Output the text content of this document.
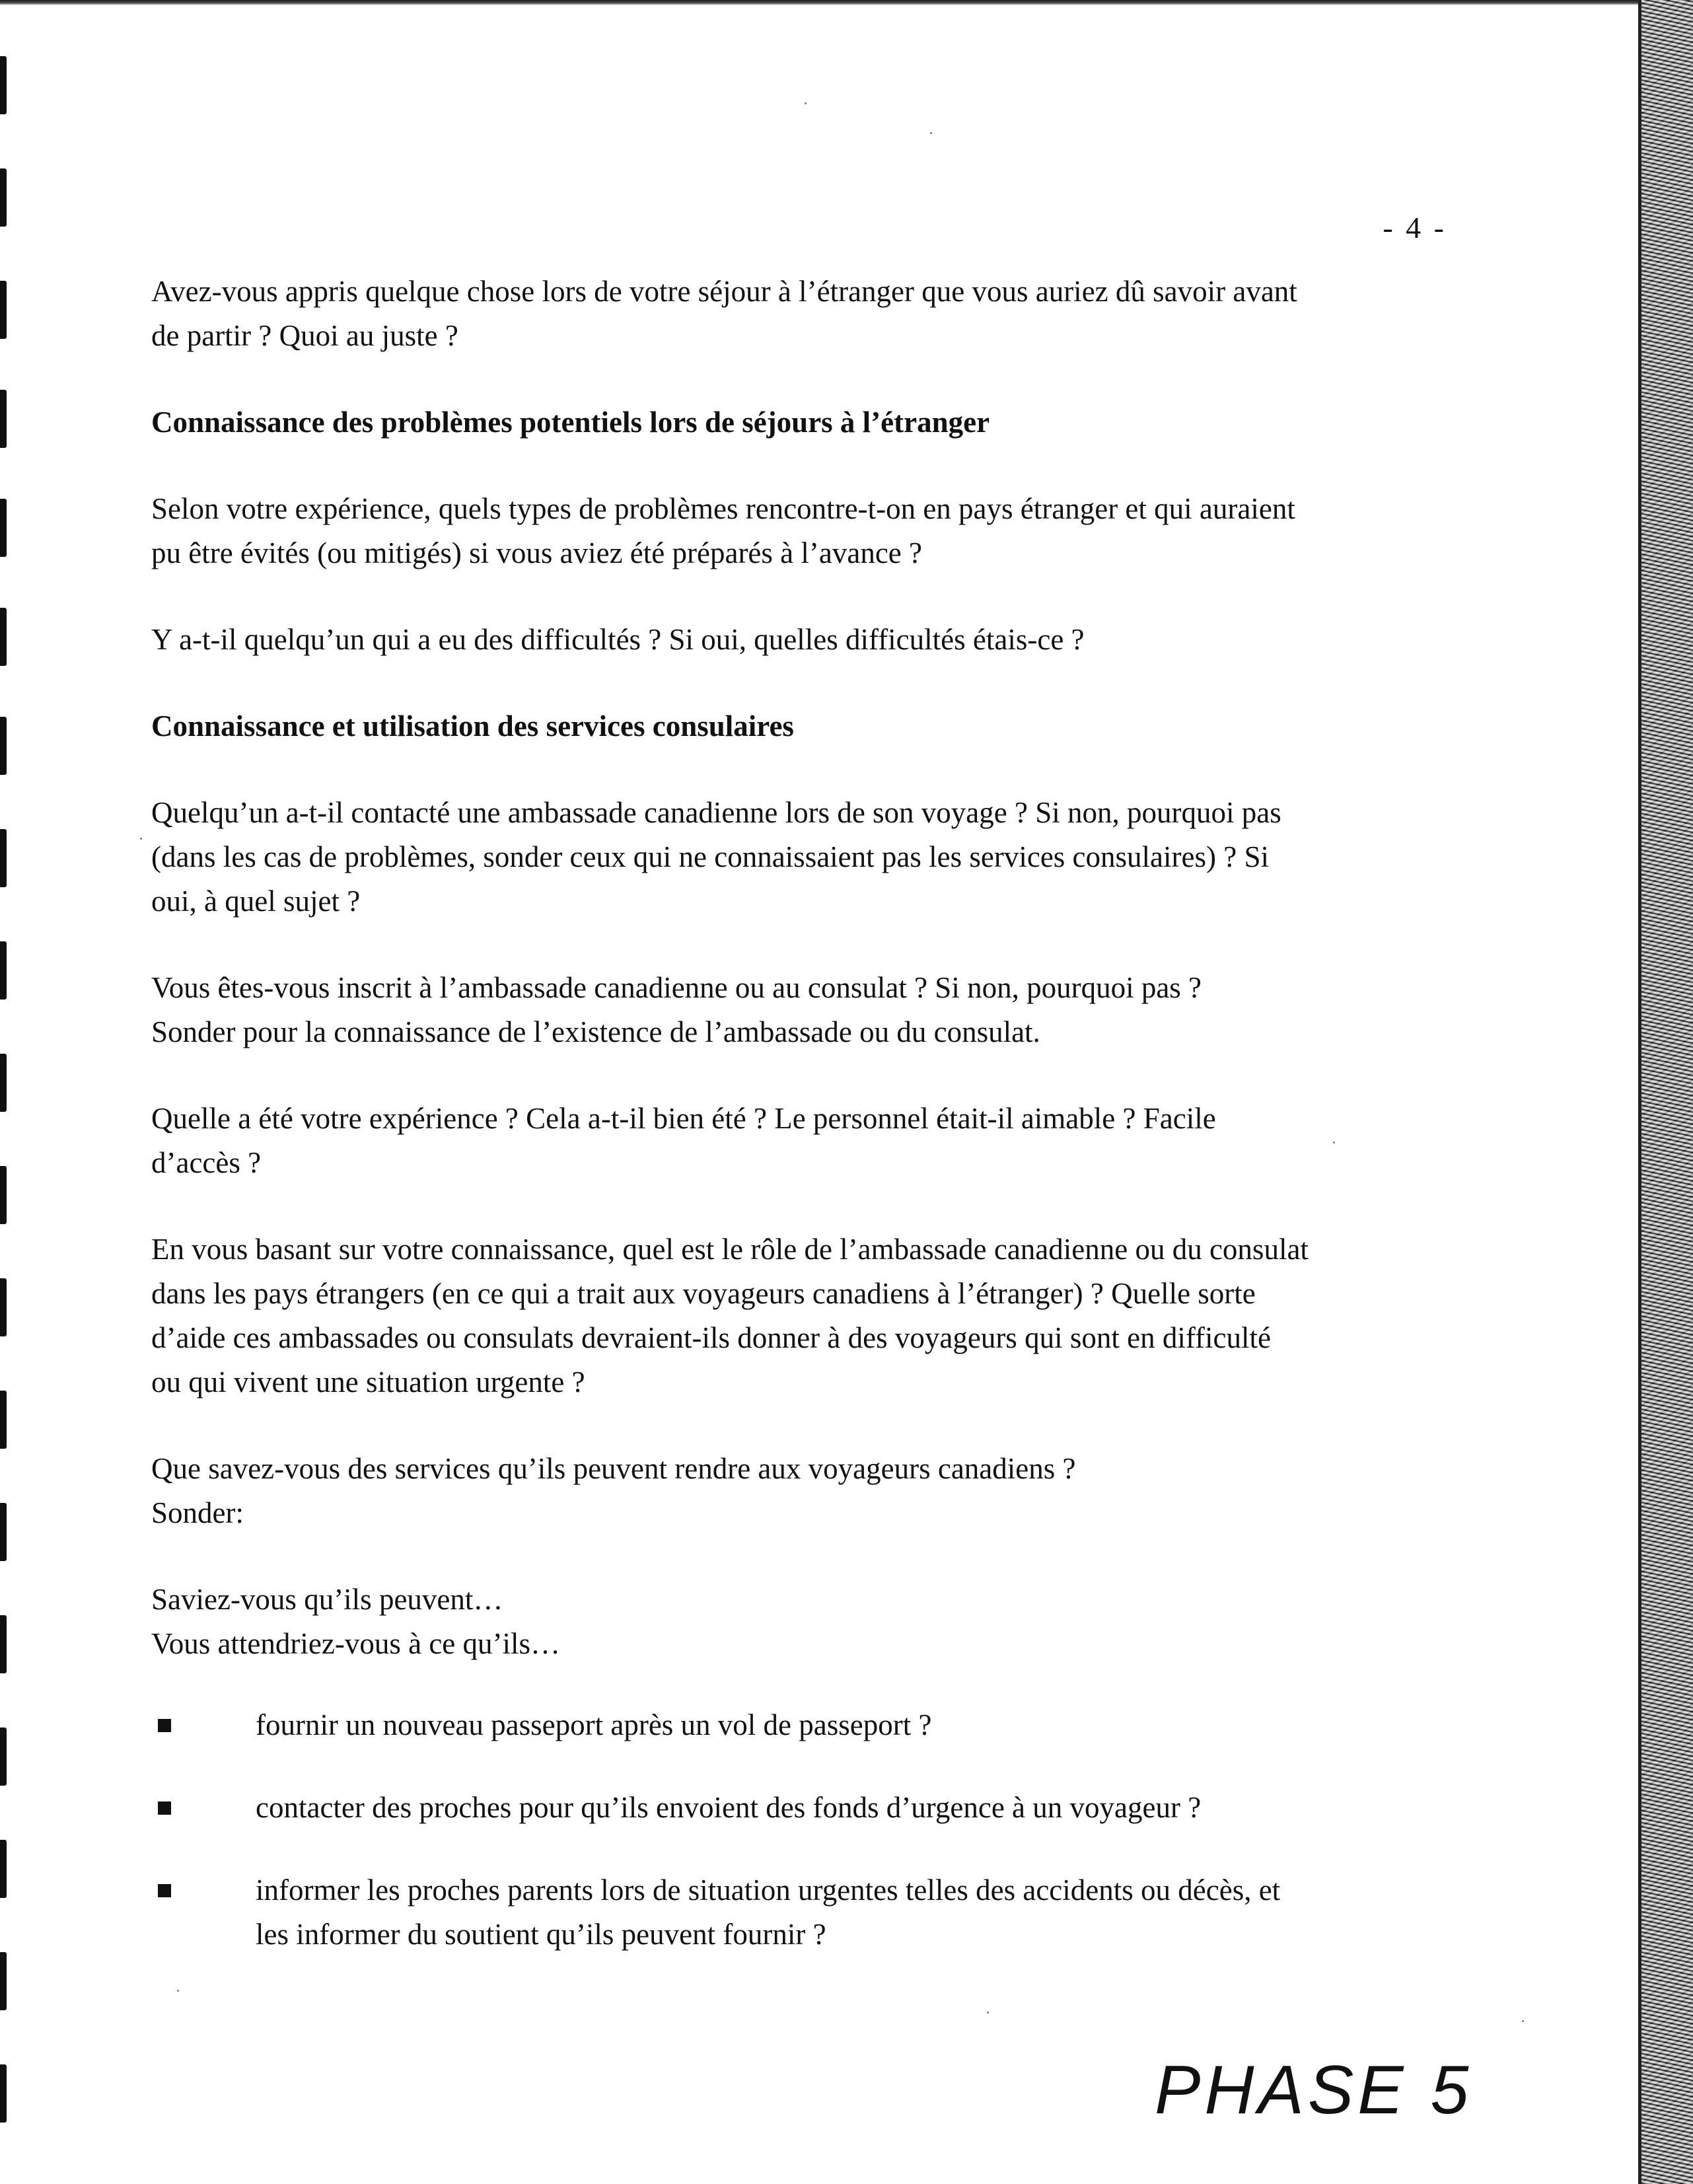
- 4 -

Avez-vous appris quelque chose lors de votre séjour à l’étranger que vous auriez dû savoir avant
de partir ? Quoi au juste ?

Connaissance des problèmes potentiels lors de séjours à l’étranger

Selon votre expérience, quels types de problèmes rencontre-t-on en pays étranger et qui auraient
pu être évités (ou mitigés) si vous aviez été préparés à l’avance ?

Y a-t-il quelqu’un qui a eu des difficultés ? Si oui, quelles difficultés étais-ce ?

Connaissance et utilisation des services consulaires

Quelqu’un a-t-il contacté une ambassade canadienne lors de son voyage ? Si non, pourquoi pas
(dans les cas de problèmes, sonder ceux qui ne connaissaient pas les services consulaires) ? Si
oui, à quel sujet ?

Vous êtes-vous inscrit à l’ambassade canadienne ou au consulat ? Si non, pourquoi pas ?
Sonder pour la connaissance de l’existence de l’ambassade ou du consulat.

Quelle a été votre expérience ? Cela a-t-il bien été ? Le personnel était-il aimable ? Facile
d’accès ?

En vous basant sur votre connaissance, quel est le rôle de l’ambassade canadienne ou du consulat
dans les pays étrangers (en ce qui a trait aux voyageurs canadiens à l’étranger) ? Quelle sorte
d’aide ces ambassades ou consulats devraient-ils donner à des voyageurs qui sont en difficulté
ou qui vivent une situation urgente ?

Que savez-vous des services qu’ils peuvent rendre aux voyageurs canadiens ?
Sonder:

Saviez-vous qu’ils peuvent…
Vous attendriez-vous à ce qu’ils…

fournir un nouveau passeport après un vol de passeport ?
contacter des proches pour qu’ils envoient des fonds d’urgence à un voyageur ?
informer les proches parents lors de situation urgentes telles des accidents ou décès, et
les informer du soutient qu’ils peuvent fournir ?
PHASE 5
